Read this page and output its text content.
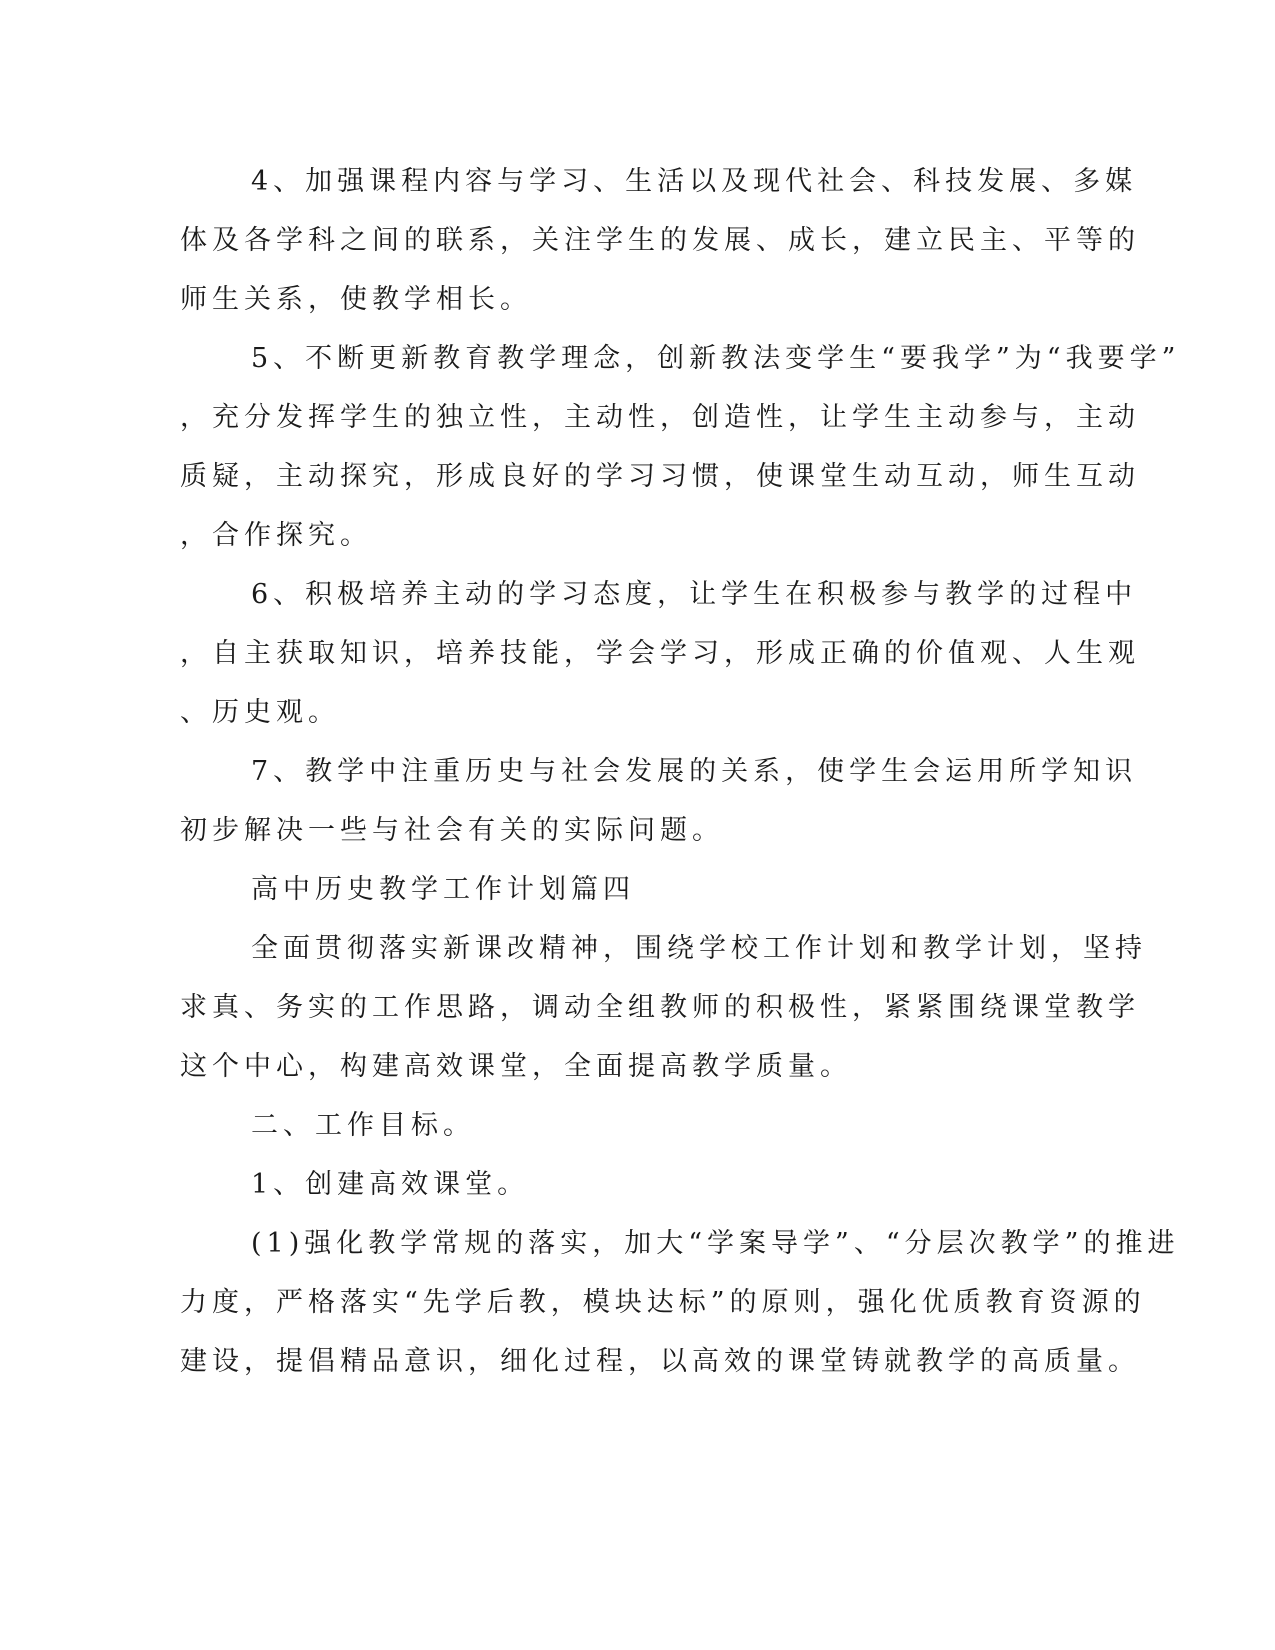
4、加强课程内容与学习、生活以及现代社会、科技发展、多媒
体及各学科之间的联系，关注学生的发展、成长，建立民主、平等的
师生关系，使教学相长。
5、不断更新教育教学理念，创新教法变学生“要我学”为“我要学”
，充分发挥学生的独立性，主动性，创造性，让学生主动参与，主动
质疑，主动探究，形成良好的学习习惯，使课堂生动互动，师生互动
，合作探究。
6、积极培养主动的学习态度，让学生在积极参与教学的过程中
，自主获取知识，培养技能，学会学习，形成正确的价值观、人生观
、历史观。
7、教学中注重历史与社会发展的关系，使学生会运用所学知识
初步解决一些与社会有关的实际问题。
高中历史教学工作计划篇四
全面贯彻落实新课改精神，围绕学校工作计划和教学计划，坚持
求真、务实的工作思路，调动全组教师的积极性，紧紧围绕课堂教学
这个中心，构建高效课堂，全面提高教学质量。
二、工作目标。
1、创建高效课堂。
(1)强化教学常规的落实，加大“学案导学”、“分层次教学”的推进
力度，严格落实“先学后教，模块达标”的原则，强化优质教育资源的
建设，提倡精品意识，细化过程，以高效的课堂铸就教学的高质量。
